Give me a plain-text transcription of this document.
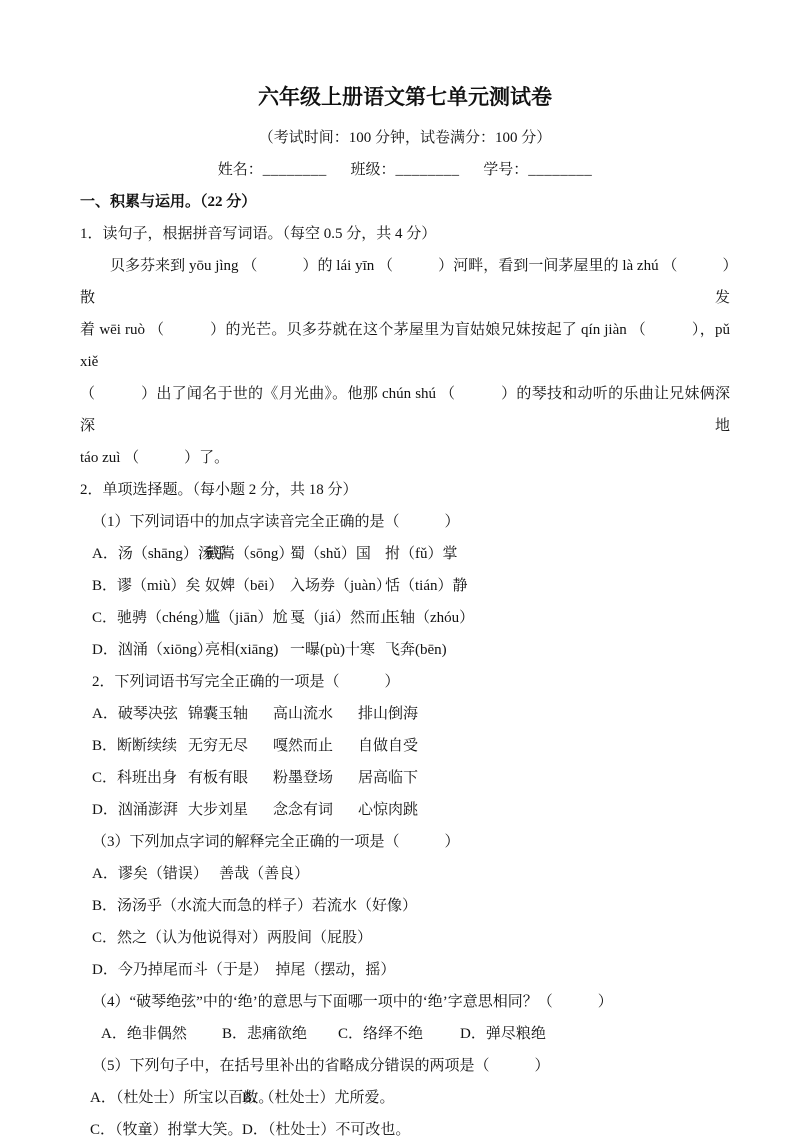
六年级上册语文第七单元测试卷
（考试时间：100 分钟，试卷满分：100 分）
姓名：________ 班级：________ 学号：________
一、积累与运用。（22 分）
1．读句子，根据拼音写词语。（每空 0.5 分，共 4 分）
贝多芬来到 yōu jìng （　　　）的 lái yīn （　　　）河畔，看到一间茅屋里的 là zhú （　　　）散发
着 wēi ruò （　　　）的光芒。贝多芬就在这个茅屋里为盲姑娘兄妹按起了 qín jiàn （　　　），pǔ xiě
（　　　）出了闻名于世的《月光曲》。他那 chún shú （　　　）的琴技和动听的乐曲让兄妹俩深深地
táo zuì （　　　）了。
2．单项选择题。（每小题 2 分，共 18 分）
（1）下列词语中的加点字读音完全正确的是（　　　）
A．汤（shāng）汤乎
戴嵩（sōng）
蜀（shǔ）国 拊（fǔ）掌
B．谬（miù）矣 奴婢（bēi） 入场券（juàn）
恬（tián）静
C．驰骋（chéng）
尴（jiān）尬 戛（jiá）然而止
玉轴（zhóu）
D．汹涌（xiōng）
亮相(xiāng) 一曝(pù)十寒 飞奔(bēn)
2．下列词语书写完全正确的一项是（　　　）
A．破琴决弦 锦囊玉轴	高山流水	排山倒海
B．断断续续 无穷无尽	嘎然而止	自做自受
C．科班出身 有板有眼	粉墨登场	居高临下
D．汹涌澎湃 大步刘星	念念有词	心惊肉跳
（3）下列加点字词的解释完全正确的一项是（　　　）
A．谬矣（错误）　 善哉（善良）
B．汤汤乎（水流大而急的样子）若流水（好像）
C．然之（认为他说得对）两股间（屁股）
D．今乃掉尾而斗（于是）　掉尾（摆动，摇）
（4）“破琴绝弦”中的‘绝’的意思与下面哪一项中的‘绝’字意思相同？（　　　）
A．绝非偶然	B．悲痛欲绝	C．络绎不绝	D．弹尽粮绝
（5）下列句子中，在括号里补出的省略成分错误的两项是（　　　）
A．（杜处士）所宝以百数。
B．（杜处士）尤所爱。
C．（牧童）拊掌大笑。 D．（杜处士）不可改也。
